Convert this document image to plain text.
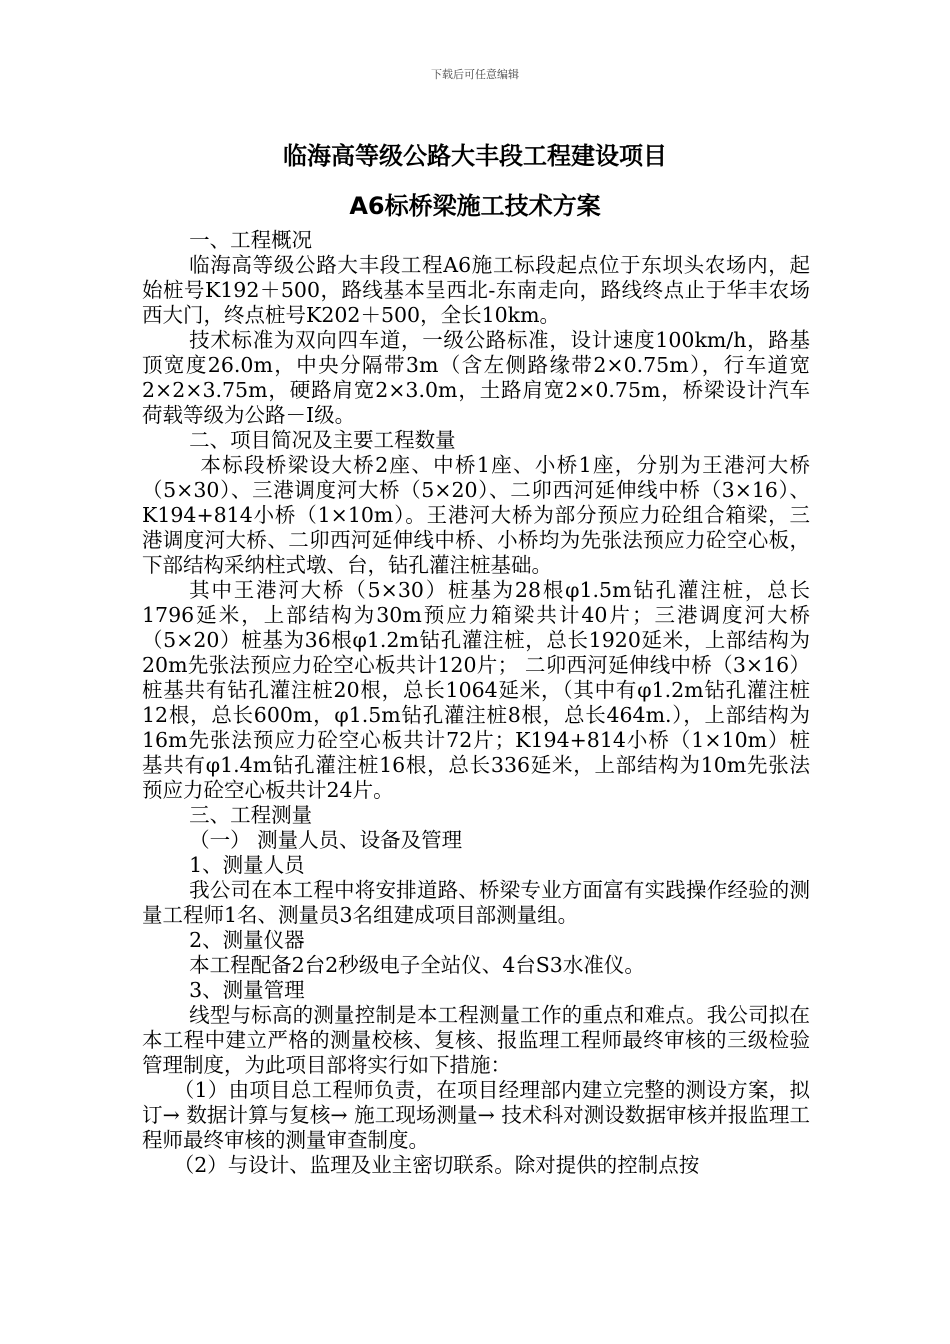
下载后可任意编辑
临海高等级公路大丰段工程建设项目
A6标桥梁施工技术方案

一、工程概况

临海高等级公路大丰段工程A6施工标段起点位于东坝头农场内，起始桩号K192＋500，路线基本呈西北-东南走向，路线终点止于华丰农场西大门，终点桩号K202＋500，全长10km。

技术标准为双向四车道，一级公路标准，设计速度100km/h，路基顶宽度26.0m，中央分隔带3m（含左侧路缘带2×0.75m），行车道宽2×2×3.75m，硬路肩宽2×3.0m，土路肩宽2×0.75m，桥梁设计汽车荷载等级为公路－I级。

二、项目简况及主要工程数量

本标段桥梁设大桥2座、中桥1座、小桥1座，分别为王港河大桥（5×30）、三港调度河大桥（5×20）、二卯西河延伸线中桥（3×16）、K194+814小桥（1×10m）。王港河大桥为部分预应力砼组合箱梁，三港调度河大桥、二卯西河延伸线中桥、小桥均为先张法预应力砼空心板，下部结构采纳柱式墩、台，钻孔灌注桩基础。

其中王港河大桥（5×30）桩基为28根φ1.5m钻孔灌注桩，总长1796延米，上部结构为30m预应力箱梁共计40片；三港调度河大桥（5×20）桩基为36根φ1.2m钻孔灌注桩，总长1920延米，上部结构为20m先张法预应力砼空心板共计120片； 二卯西河延伸线中桥（3×16）桩基共有钻孔灌注桩20根，总长1064延米，（其中有φ1.2m钻孔灌注桩12根，总长600m，φ1.5m钻孔灌注桩8根，总长464m.），上部结构为16m先张法预应力砼空心板共计72片；K194+814小桥（1×10m）桩基共有φ1.4m钻孔灌注桩16根，总长336延米，上部结构为10m先张法预应力砼空心板共计24片。

三、工程测量

（一） 测量人员、设备及管理

1、测量人员

我公司在本工程中将安排道路、桥梁专业方面富有实践操作经验的测量工程师1名、测量员3名组建成项目部测量组。

2、测量仪器

本工程配备2台2秒级电子全站仪、4台S3水准仪。

3、测量管理

线型与标高的测量控制是本工程测量工作的重点和难点。我公司拟在本工程中建立严格的测量校核、复核、报监理工程师最终审核的三级检验管理制度，为此项目部将实行如下措施：

（1）由项目总工程师负责，在项目经理部内建立完整的测设方案，拟订→ 数据计算与复核→ 施工现场测量→ 技术科对测设数据审核并报监理工程师最终审核的测量审查制度。

（2）与设计、监理及业主密切联系。除对提供的控制点按
